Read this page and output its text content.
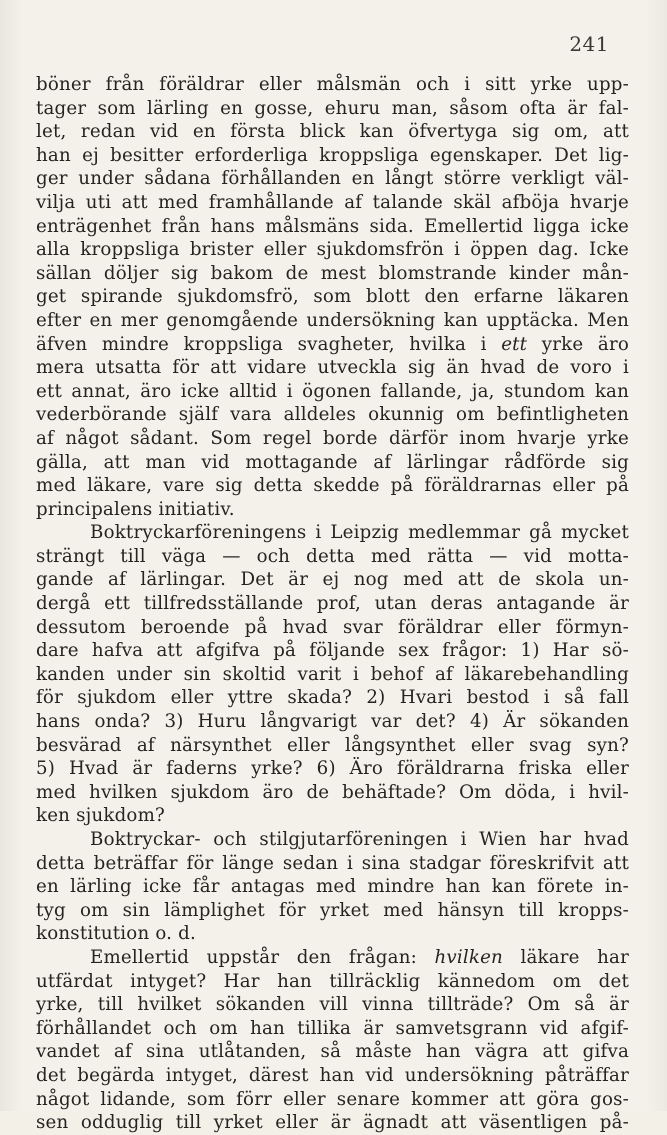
241
böner från föräldrar eller målsmän och i sitt yrke upp-
tager som lärling en gosse, ehuru man, såsom ofta är fal-
let, redan vid en första blick kan öfvertyga sig om, att
han ej besitter erforderliga kroppsliga egenskaper. Det lig-
ger under sådana förhållanden en långt större verkligt väl-
vilja uti att med framhållande af talande skäl afböja hvarje
enträgenhet från hans målsmäns sida. Emellertid ligga icke
alla kroppsliga brister eller sjukdomsfrön i öppen dag. Icke
sällan döljer sig bakom de mest blomstrande kinder mån-
get spirande sjukdomsfrö, som blott den erfarne läkaren
efter en mer genomgående undersökning kan upptäcka. Men
äfven mindre kroppsliga svagheter, hvilka i ett yrke äro
mera utsatta för att vidare utveckla sig än hvad de voro i
ett annat, äro icke alltid i ögonen fallande, ja, stundom kan
vederbörande själf vara alldeles okunnig om befintligheten
af något sådant. Som regel borde därför inom hvarje yrke
gälla, att man vid mottagande af lärlingar rådförde sig
med läkare, vare sig detta skedde på föräldrarnas eller på
principalens initiativ.
Boktryckarföreningens i Leipzig medlemmar gå mycket
strängt till väga — och detta med rätta — vid motta-
gande af lärlingar. Det är ej nog med att de skola un-
dergå ett tillfredsställande prof, utan deras antagande är
dessutom beroende på hvad svar föräldrar eller förmyn-
dare hafva att afgifva på följande sex frågor: 1) Har sö-
kanden under sin skoltid varit i behof af läkarebehandling
för sjukdom eller yttre skada? 2) Hvari bestod i så fall
hans onda? 3) Huru långvarigt var det? 4) Är sökanden
besvärad af närsynthet eller långsynthet eller svag syn?
5) Hvad är faderns yrke? 6) Äro föräldrarna friska eller
med hvilken sjukdom äro de behäftade? Om döda, i hvil-
ken sjukdom?
Boktryckar- och stilgjutarföreningen i Wien har hvad
detta beträffar för länge sedan i sina stadgar föreskrifvit att
en lärling icke får antagas med mindre han kan förete in-
tyg om sin lämplighet för yrket med hänsyn till kropps-
konstitution o. d.
Emellertid uppstår den frågan: hvilken läkare har
utfärdat intyget? Har han tillräcklig kännedom om det
yrke, till hvilket sökanden vill vinna tillträde? Om så är
förhållandet och om han tillika är samvetsgrann vid afgif-
vandet af sina utlåtanden, så måste han vägra att gifva
det begärda intyget, därest han vid undersökning påträffar
något lidande, som förr eller senare kommer att göra gos-
sen odduglig till yrket eller är ägnadt att väsentligen på-
